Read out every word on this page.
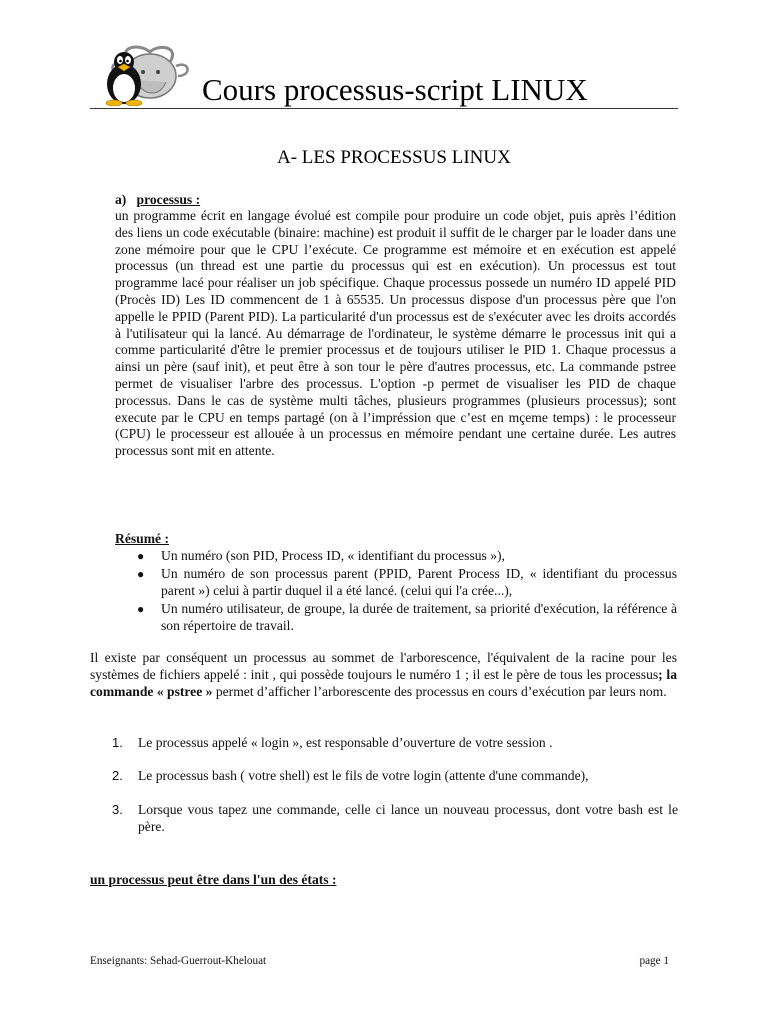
Cours processus-script LINUX
A- LES PROCESSUS LINUX
a) processus :
un programme écrit en langage évolué est compile pour produire un code objet, puis après l’édition des liens un code exécutable (binaire: machine) est produit il suffit de le charger par le loader dans une zone mémoire pour que le CPU l’exécute. Ce programme est mémoire et en exécution est appelé processus (un thread est une partie du processus qui est en exécution). Un processus est tout programme lacé pour réaliser un job spécifique. Chaque processus possede un numéro ID appelé PID (Procès ID) Les ID commencent de 1 à 65535. Un processus dispose d'un processus père que l'on appelle le PPID (Parent PID). La particularité d'un processus est de s'exécuter avec les droits accordés à l'utilisateur qui la lancé. Au démarrage de l'ordinateur, le système démarre le processus init qui a comme particularité d'être le premier processus et de toujours utiliser le PID 1. Chaque processus a ainsi un père (sauf init), et peut être à son tour le père d'autres processus, etc. La commande pstree permet de visualiser l'arbre des processus. L'option -p permet de visualiser les PID de chaque processus. Dans le cas de système multi tâches, plusieurs programmes (plusieurs processus); sont execute par le CPU en temps partagé (on à l’impréssion que c’est en mçeme temps) : le processeur (CPU) le processeur est allouée à un processus en mémoire pendant une certaine durée. Les autres processus sont mit en attente.
Résumé :
● Un numéro (son PID, Process ID, « identifiant du processus »),
● Un numéro de son processus parent (PPID, Parent Process ID, « identifiant du processus parent ») celui à partir duquel il a été lancé. (celui qui l'a crée...),
● Un numéro utilisateur, de groupe, la durée de traitement, sa priorité d'exécution, la référence à son répertoire de travail.
Il existe par conséquent un processus au sommet de l'arborescence, l'équivalent de la racine pour les systèmes de fichiers appelé : init , qui possède toujours le numéro 1 ; il est le père de tous les processus; la commande « pstree » permet d’afficher l’arborescente des processus en cours d’exécution par leurs nom.
1. Le processus appelé « login », est responsable d’ouverture de votre session .
2. Le processus bash ( votre shell) est le fils de votre login (attente d'une commande),
3. Lorsque vous tapez une commande, celle ci lance un nouveau processus, dont votre bash est le père.
un processus peut être dans l'un des états :
Enseignants: Sehad-Guerrout-Khelouat	page 1
